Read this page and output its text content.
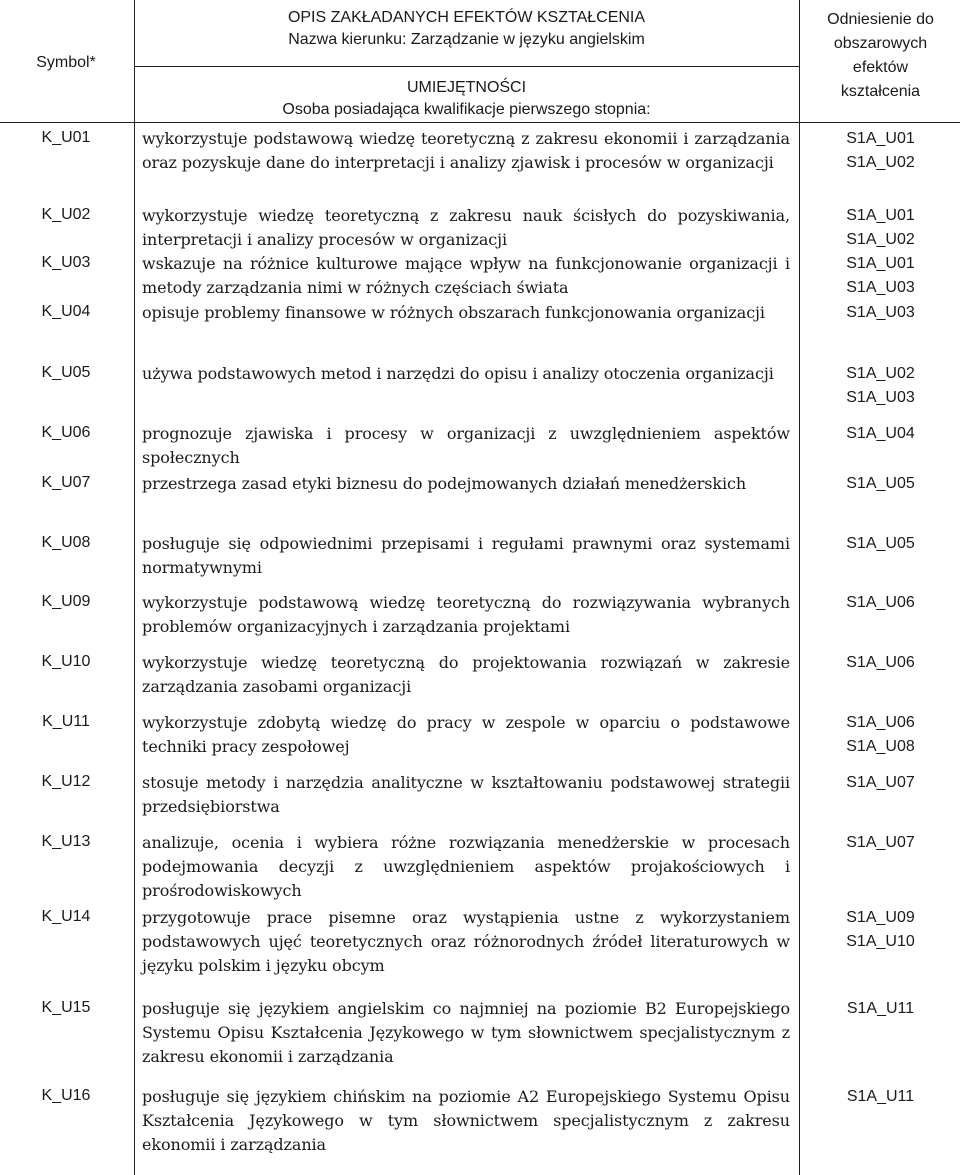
Symbol*
OPIS ZAKŁADANYCH EFEKTÓW KSZTAŁCENIA
Nazwa kierunku: Zarządzanie w języku angielskim
UMIEJĘTNOŚCI
Osoba posiadająca kwalifikacje pierwszego stopnia:
Odniesienie do
obszarowych
efektów
kształcenia
K_U01	wykorzystuje podstawową wiedzę teoretyczną z zakresu ekonomii i zarządzania oraz pozyskuje dane do interpretacji i analizy zjawisk i procesów w organizacji
S1A_U01
S1A_U02
K_U02	wykorzystuje wiedzę teoretyczną z zakresu nauk ścisłych do pozyskiwania, interpretacji i analizy procesów w organizacji
S1A_U01
S1A_U02
K_U03	wskazuje na różnice kulturowe mające wpływ na funkcjonowanie organizacji i metody zarządzania nimi w różnych częściach świata
S1A_U01
S1A_U03
K_U04	opisuje problemy finansowe w różnych obszarach funkcjonowania organizacji	S1A_U03
K_U05	używa podstawowych metod i narzędzi do opisu i analizy otoczenia organizacji	S1A_U02
S1A_U03
K_U06	prognozuje zjawiska i procesy w organizacji z uwzględnieniem aspektów społecznych
S1A_U04
K_U07	przestrzega zasad etyki biznesu do podejmowanych działań menedżerskich	S1A_U05
K_U08	posługuje się odpowiednimi przepisami i regułami prawnymi oraz systemami normatywnymi
S1A_U05
K_U09	wykorzystuje podstawową wiedzę teoretyczną do rozwiązywania wybranych problemów organizacyjnych i zarządzania projektami
S1A_U06
K_U10	wykorzystuje wiedzę teoretyczną do projektowania rozwiązań w zakresie zarządzania zasobami organizacji
S1A_U06
K_U11	wykorzystuje zdobytą wiedzę do pracy w zespole w oparciu o podstawowe techniki pracy zespołowej
S1A_U06
S1A_U08
K_U12	stosuje metody i narzędzia analityczne w kształtowaniu podstawowej strategii przedsiębiorstwa
S1A_U07
K_U13	analizuje, ocenia i wybiera różne rozwiązania menedżerskie w procesach podejmowania decyzji z uwzględnieniem aspektów projakościowych i prośrodowiskowych
S1A_U07
K_U14	przygotowuje prace pisemne oraz wystąpienia ustne z wykorzystaniem podstawowych ujęć teoretycznych oraz różnorodnych źródeł literaturowych w języku polskim i języku obcym
S1A_U09
S1A_U10
K_U15	posługuje się językiem angielskim co najmniej na poziomie B2 Europejskiego Systemu Opisu Kształcenia Językowego w tym słownictwem specjalistycznym z zakresu ekonomii i zarządzania
S1A_U11
K_U16	posługuje się językiem chińskim na poziomie A2 Europejskiego Systemu Opisu Kształcenia Językowego w tym słownictwem specjalistycznym z zakresu ekonomii i zarządzania
S1A_U11
